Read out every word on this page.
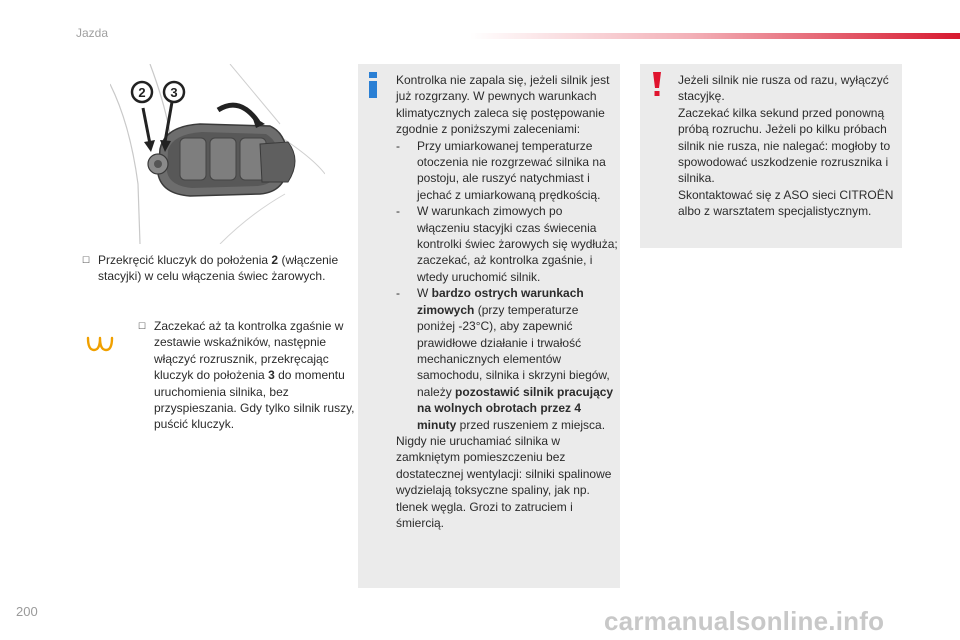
Jazda
2 3
☐ Przekręcić kluczyk do położenia 2 (włączenie stacyjki) w celu włączenia świec żarowych.
☐ Zaczekać aż ta kontrolka zgaśnie w zestawie wskaźników, następnie włączyć rozrusznik, przekręcając kluczyk do położenia 3 do momentu uruchomienia silnika, bez przyspieszania. Gdy tylko silnik ruszy, puścić kluczyk.
Kontrolka nie zapala się, jeżeli silnik jest już rozgrzany. W pewnych warunkach klimatycznych zaleca się postępowanie zgodnie z poniższymi zaleceniami:
- Przy umiarkowanej temperaturze otoczenia nie rozgrzewać silnika na postoju, ale ruszyć natychmiast i jechać z umiarkowaną prędkością.
- W warunkach zimowych po włączeniu stacyjki czas świecenia kontrolki świec żarowych się wydłuża; zaczekać, aż kontrolka zgaśnie, i wtedy uruchomić silnik.
- W bardzo ostrych warunkach zimowych (przy temperaturze poniżej -23°C), aby zapewnić prawidłowe działanie i trwałość mechanicznych elementów samochodu, silnika i skrzyni biegów, należy pozostawić silnik pracujący na wolnych obrotach przez 4 minuty przed ruszeniem z miejsca.
Nigdy nie uruchamiać silnika w zamkniętym pomieszczeniu bez dostatecznej wentylacji: silniki spalinowe wydzielają toksyczne spaliny, jak np. tlenek węgla. Grozi to zatruciem i śmiercią.
Jeżeli silnik nie rusza od razu, wyłączyć stacyjkę.
Zaczekać kilka sekund przed ponowną próbą rozruchu. Jeżeli po kilku próbach silnik nie rusza, nie nalegać: mogłoby to spowodować uszkodzenie rozrusznika i silnika.
Skontaktować się z ASO sieci CITROËN albo z warsztatem specjalistycznym.
200	carmanualsonline.info
